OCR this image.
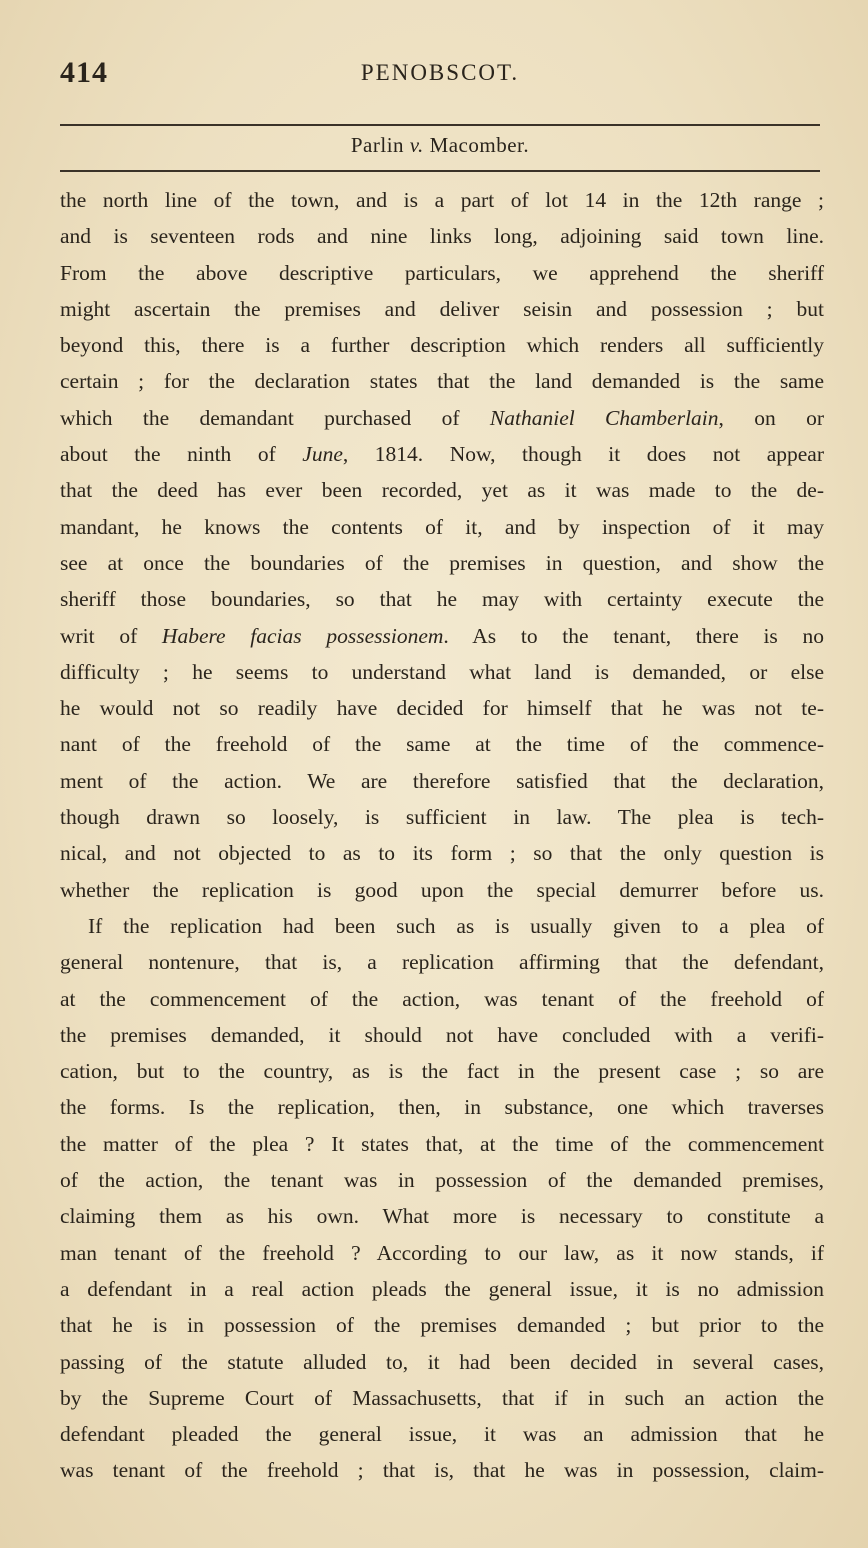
414	PENOBSCOT.
Parlin v. Macomber.
the north line of the town, and is a part of lot 14 in the 12th range ;
and is seventeen rods and nine links long, adjoining said town line.
From the above descriptive particulars, we apprehend the sheriff
might ascertain the premises and deliver seisin and possession ; but
beyond this, there is a further description which renders all sufficiently
certain ; for the declaration states that the land demanded is the same
which the demandant purchased of Nathaniel Chamberlain, on or
about the ninth of June, 1814. Now, though it does not appear
that the deed has ever been recorded, yet as it was made to the de-
mandant, he knows the contents of it, and by inspection of it may
see at once the boundaries of the premises in question, and show the
sheriff those boundaries, so that he may with certainty execute the
writ of Habere facias possessionem. As to the tenant, there is no
difficulty ; he seems to understand what land is demanded, or else
he would not so readily have decided for himself that he was not te-
nant of the freehold of the same at the time of the commence-
ment of the action. We are therefore satisfied that the declaration,
though drawn so loosely, is sufficient in law. The plea is tech-
nical, and not objected to as to its form ; so that the only question is
whether the replication is good upon the special demurrer before us.
If the replication had been such as is usually given to a plea of
general nontenure, that is, a replication affirming that the defendant,
at the commencement of the action, was tenant of the freehold of
the premises demanded, it should not have concluded with a verifi-
cation, but to the country, as is the fact in the present case ; so are
the forms. Is the replication, then, in substance, one which traverses
the matter of the plea ? It states that, at the time of the commencement
of the action, the tenant was in possession of the demanded premises,
claiming them as his own. What more is necessary to constitute a
man tenant of the freehold ? According to our law, as it now stands, if
a defendant in a real action pleads the general issue, it is no admission
that he is in possession of the premises demanded ; but prior to the
passing of the statute alluded to, it had been decided in several cases,
by the Supreme Court of Massachusetts, that if in such an action the
defendant pleaded the general issue, it was an admission that he
was tenant of the freehold ; that is, that he was in possession, claim-
